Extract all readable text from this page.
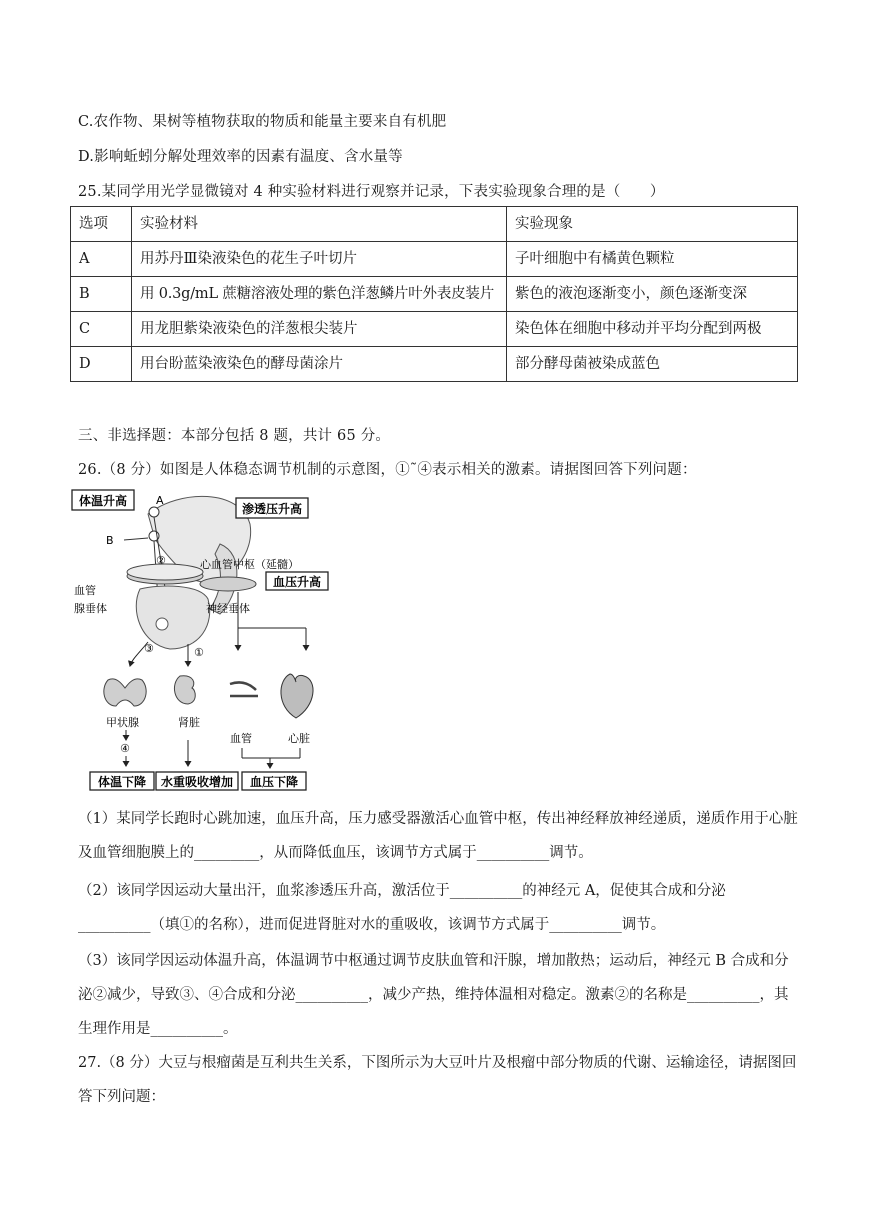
C.农作物、果树等植物获取的物质和能量主要来自有机肥
D.影响蚯蚓分解处理效率的因素有温度、含水量等
25.某同学用光学显微镜对 4 种实验材料进行观察并记录，下表实验现象合理的是（　　）
选项	实验材料	实验现象
A	用苏丹Ⅲ染液染色的花生子叶切片	子叶细胞中有橘黄色颗粒
B	用 0.3g/mL 蔗糖溶液处理的紫色洋葱鳞片叶外表皮装片	紫色的液泡逐渐变小，颜色逐渐变深
C	用龙胆紫染液染色的洋葱根尖装片	染色体在细胞中移动并平均分配到两极
D	用台盼蓝染液染色的酵母菌涂片	部分酵母菌被染成蓝色
三、非选择题：本部分包括 8 题，共计 65 分。
26.（8 分）如图是人体稳态调节机制的示意图，①˜④表示相关的激素。请据图回答下列问题：
体温升高
渗透压升高
A
B
②	心血管中枢（延髓）
血压升高
血管
腺垂体	神经垂体
③	①
甲状腺	肾脏
血管	心脏
④
体温下降 水重吸收增加 血压下降
（1）某同学长跑时心跳加速，血压升高，压力感受器激活心血管中枢，传出神经释放神经递质，递质作用于心脏及血管细胞膜上的_________，从而降低血压，该调节方式属于__________调节。
（2）该同学因运动大量出汗，血浆渗透压升高，激活位于__________的神经元 A，促使其合成和分泌__________（填①的名称），进而促进肾脏对水的重吸收，该调节方式属于__________调节。
（3）该同学因运动体温升高，体温调节中枢通过调节皮肤血管和汗腺，增加散热；运动后，神经元 B 合成和分泌②减少，导致③、④合成和分泌__________，减少产热，维持体温相对稳定。激素②的名称是__________，其生理作用是__________。
27.（8 分）大豆与根瘤菌是互利共生关系，下图所示为大豆叶片及根瘤中部分物质的代谢、运输途径，请据图回答下列问题：
